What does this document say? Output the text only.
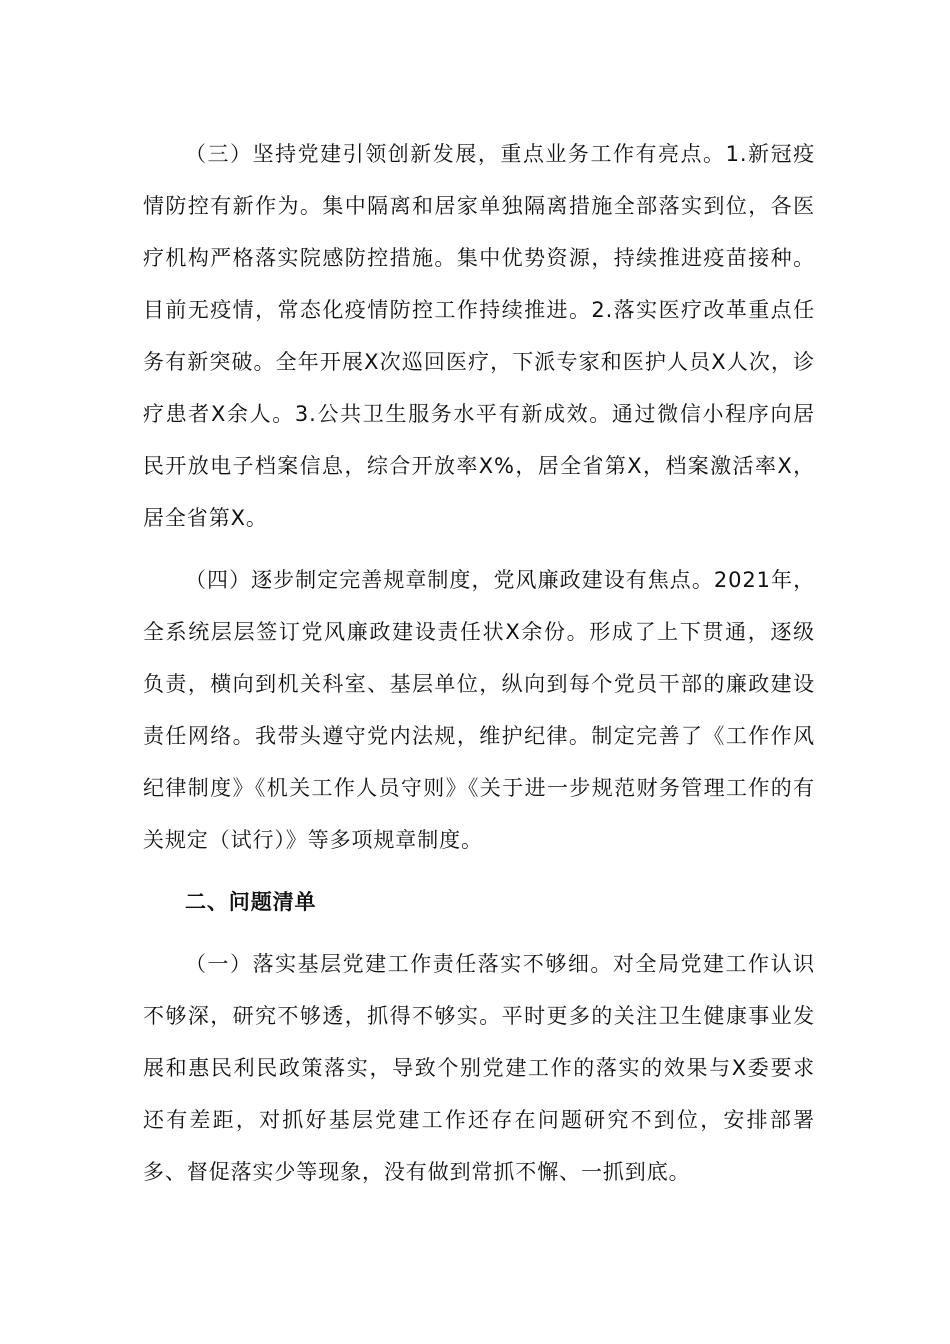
（三）坚持党建引领创新发展，重点业务工作有亮点。1.新冠疫情防控有新作为。集中隔离和居家单独隔离措施全部落实到位，各医疗机构严格落实院感防控措施。集中优势资源，持续推进疫苗接种。目前无疫情，常态化疫情防控工作持续推进。2.落实医疗改革重点任务有新突破。全年开展X次巡回医疗，下派专家和医护人员X人次，诊疗患者X余人。3.公共卫生服务水平有新成效。通过微信小程序向居民开放电子档案信息，综合开放率X%，居全省第X，档案激活率X，居全省第X。

（四）逐步制定完善规章制度，党风廉政建设有焦点。2021年，全系统层层签订党风廉政建设责任状X余份。形成了上下贯通，逐级负责，横向到机关科室、基层单位，纵向到每个党员干部的廉政建设责任网络。我带头遵守党内法规，维护纪律。制定完善了《工作作风纪律制度》《机关工作人员守则》《关于进一步规范财务管理工作的有关规定（试行）》等多项规章制度。

二、问题清单

（一）落实基层党建工作责任落实不够细。对全局党建工作认识不够深，研究不够透，抓得不够实。平时更多的关注卫生健康事业发展和惠民利民政策落实，导致个别党建工作的落实的效果与X委要求还有差距，对抓好基层党建工作还存在问题研究不到位，安排部署多、督促落实少等现象，没有做到常抓不懈、一抓到底。
